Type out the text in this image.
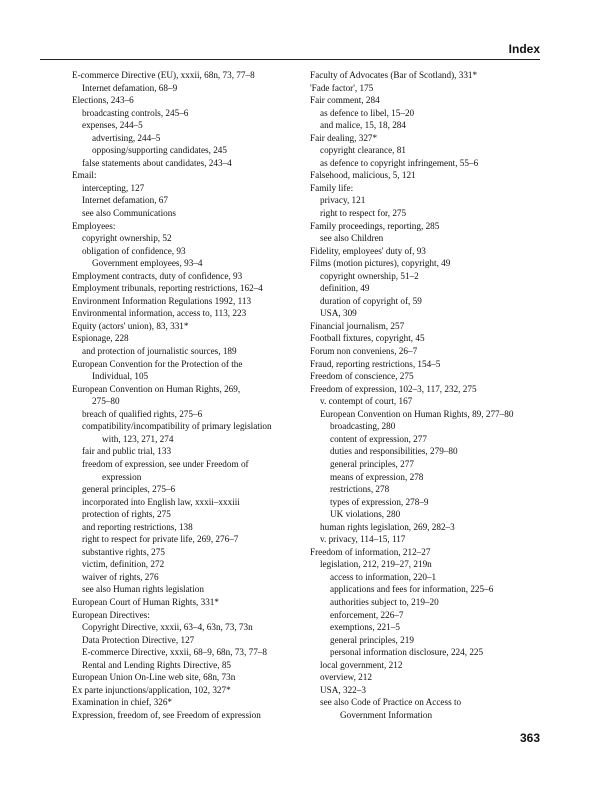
Index
E-commerce Directive (EU), xxxii, 68n, 73, 77–8
Internet defamation, 68–9
Elections, 243–6
broadcasting controls, 245–6
expenses, 244–5
advertising, 244–5
opposing/supporting candidates, 245
false statements about candidates, 243–4
Email:
intercepting, 127
Internet defamation, 67
see also Communications
Employees:
copyright ownership, 52
obligation of confidence, 93
Government employees, 93–4
Employment contracts, duty of confidence, 93
Employment tribunals, reporting restrictions, 162–4
Environment Information Regulations 1992, 113
Environmental information, access to, 113, 223
Equity (actors' union), 83, 331*
Espionage, 228
and protection of journalistic sources, 189
European Convention for the Protection of the
Individual, 105
European Convention on Human Rights, 269,
275–80
breach of qualified rights, 275–6
compatibility/incompatibility of primary legislation
with, 123, 271, 274
fair and public trial, 133
freedom of expression, see under Freedom of
expression
general principles, 275–6
incorporated into English law, xxxii–xxxiii
protection of rights, 275
and reporting restrictions, 138
right to respect for private life, 269, 276–7
substantive rights, 275
victim, definition, 272
waiver of rights, 276
see also Human rights legislation
European Court of Human Rights, 331*
European Directives:
Copyright Directive, xxxii, 63–4, 63n, 73, 73n
Data Protection Directive, 127
E-commerce Directive, xxxii, 68–9, 68n, 73, 77–8
Rental and Lending Rights Directive, 85
European Union On-Line web site, 68n, 73n
Ex parte injunctions/application, 102, 327*
Examination in chief, 326*
Expression, freedom of, see Freedom of expression
Faculty of Advocates (Bar of Scotland), 331*
'Fade factor', 175
Fair comment, 284
as defence to libel, 15–20
and malice, 15, 18, 284
Fair dealing, 327*
copyright clearance, 81
as defence to copyright infringement, 55–6
Falsehood, malicious, 5, 121
Family life:
privacy, 121
right to respect for, 275
Family proceedings, reporting, 285
see also Children
Fidelity, employees' duty of, 93
Films (motion pictures), copyright, 49
copyright ownership, 51–2
definition, 49
duration of copyright of, 59
USA, 309
Financial journalism, 257
Football fixtures, copyright, 45
Forum non conveniens, 26–7
Fraud, reporting restrictions, 154–5
Freedom of conscience, 275
Freedom of expression, 102–3, 117, 232, 275
v. contempt of court, 167
European Convention on Human Rights, 89, 277–80
broadcasting, 280
content of expression, 277
duties and responsibilities, 279–80
general principles, 277
means of expression, 278
restrictions, 278
types of expression, 278–9
UK violations, 280
human rights legislation, 269, 282–3
v. privacy, 114–15, 117
Freedom of information, 212–27
legislation, 212, 219–27, 219n
access to information, 220–1
applications and fees for information, 225–6
authorities subject to, 219–20
enforcement, 226–7
exemptions, 221–5
general principles, 219
personal information disclosure, 224, 225
local government, 212
overview, 212
USA, 322–3
see also Code of Practice on Access to
Government Information
363
